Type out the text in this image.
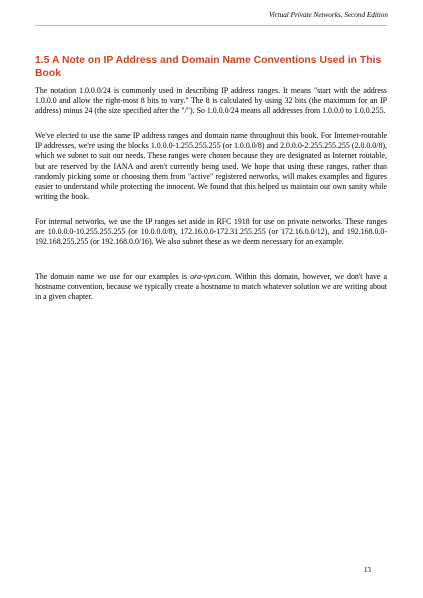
Virtual Private Networks, Second Edition
1.5 A Note on IP Address and Domain Name Conventions Used in This Book

The notation 1.0.0.0/24 is commonly used in describing IP address ranges. It means "start with the address 1.0.0.0 and allow the right-most 8 bits to vary." The 8 is calculated by using 32 bits (the maximum for an IP address) minus 24 (the size specified after the "/"). So 1.0.0.0/24 means all addresses from 1.0.0.0 to 1.0.0.255.

We've elected to use the same IP address ranges and domain name throughout this book. For Internet-routable IP addresses, we're using the blocks 1.0.0.0-1.255.255.255 (or 1.0.0.0/8) and 2.0.0.0-2.255.255.255 (2.0.0.0/8), which we subnet to suit our needs. These ranges were chosen because they are designated as Internet routable, but are reserved by the IANA and aren't currently being used. We hope that using these ranges, rather than randomly picking some or choosing them from "active" registered networks, will makes examples and figures easier to understand while protecting the innocent. We found that this helped us maintain our own sanity while writing the book.

For internal networks, we use the IP ranges set aside in RFC 1918 for use on private networks. These ranges are 10.0.0.0-10.255.255.255 (or 10.0.0.0/8), 172.16.0.0-172.31.255.255 (or 172.16.0.0/12), and 192.168.0.0-192.168.255.255 (or 192.168.0.0/16). We also subnet these as we deem necessary for an example.

The domain name we use for our examples is ora-vpn.com. Within this domain, however, we don't have a hostname convention, because we typically create a hostname to match whatever solution we are writing about in a given chapter.

13
